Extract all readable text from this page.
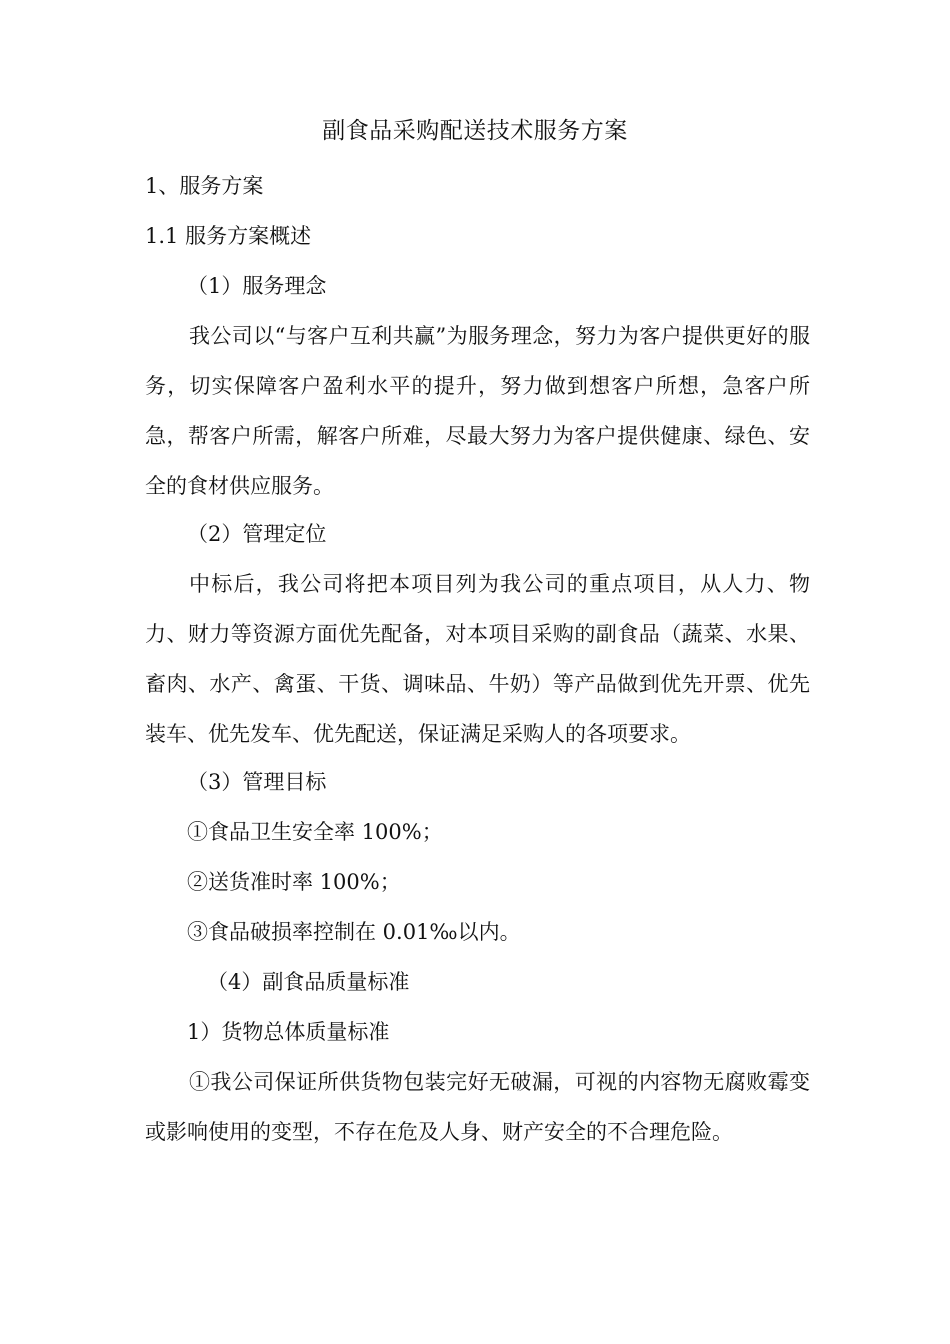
副食品采购配送技术服务方案
1、服务方案
1.1 服务方案概述
（1）服务理念
我公司以“与客户互利共赢”为服务理念，努力为客户提供更好的服务，切实保障客户盈利水平的提升，努力做到想客户所想，急客户所急，帮客户所需，解客户所难，尽最大努力为客户提供健康、绿色、安全的食材供应服务。
（2）管理定位
中标后，我公司将把本项目列为我公司的重点项目，从人力、物力、财力等资源方面优先配备，对本项目采购的副食品（蔬菜、水果、畜肉、水产、禽蛋、干货、调味品、牛奶）等产品做到优先开票、优先装车、优先发车、优先配送，保证满足采购人的各项要求。
（3）管理目标
①食品卫生安全率 100%；
②送货准时率 100%；
③食品破损率控制在 0.01‰以内。
（4）副食品质量标准
1）货物总体质量标准
①我公司保证所供货物包装完好无破漏，可视的内容物无腐败霉变或影响使用的变型，不存在危及人身、财产安全的不合理危险。
